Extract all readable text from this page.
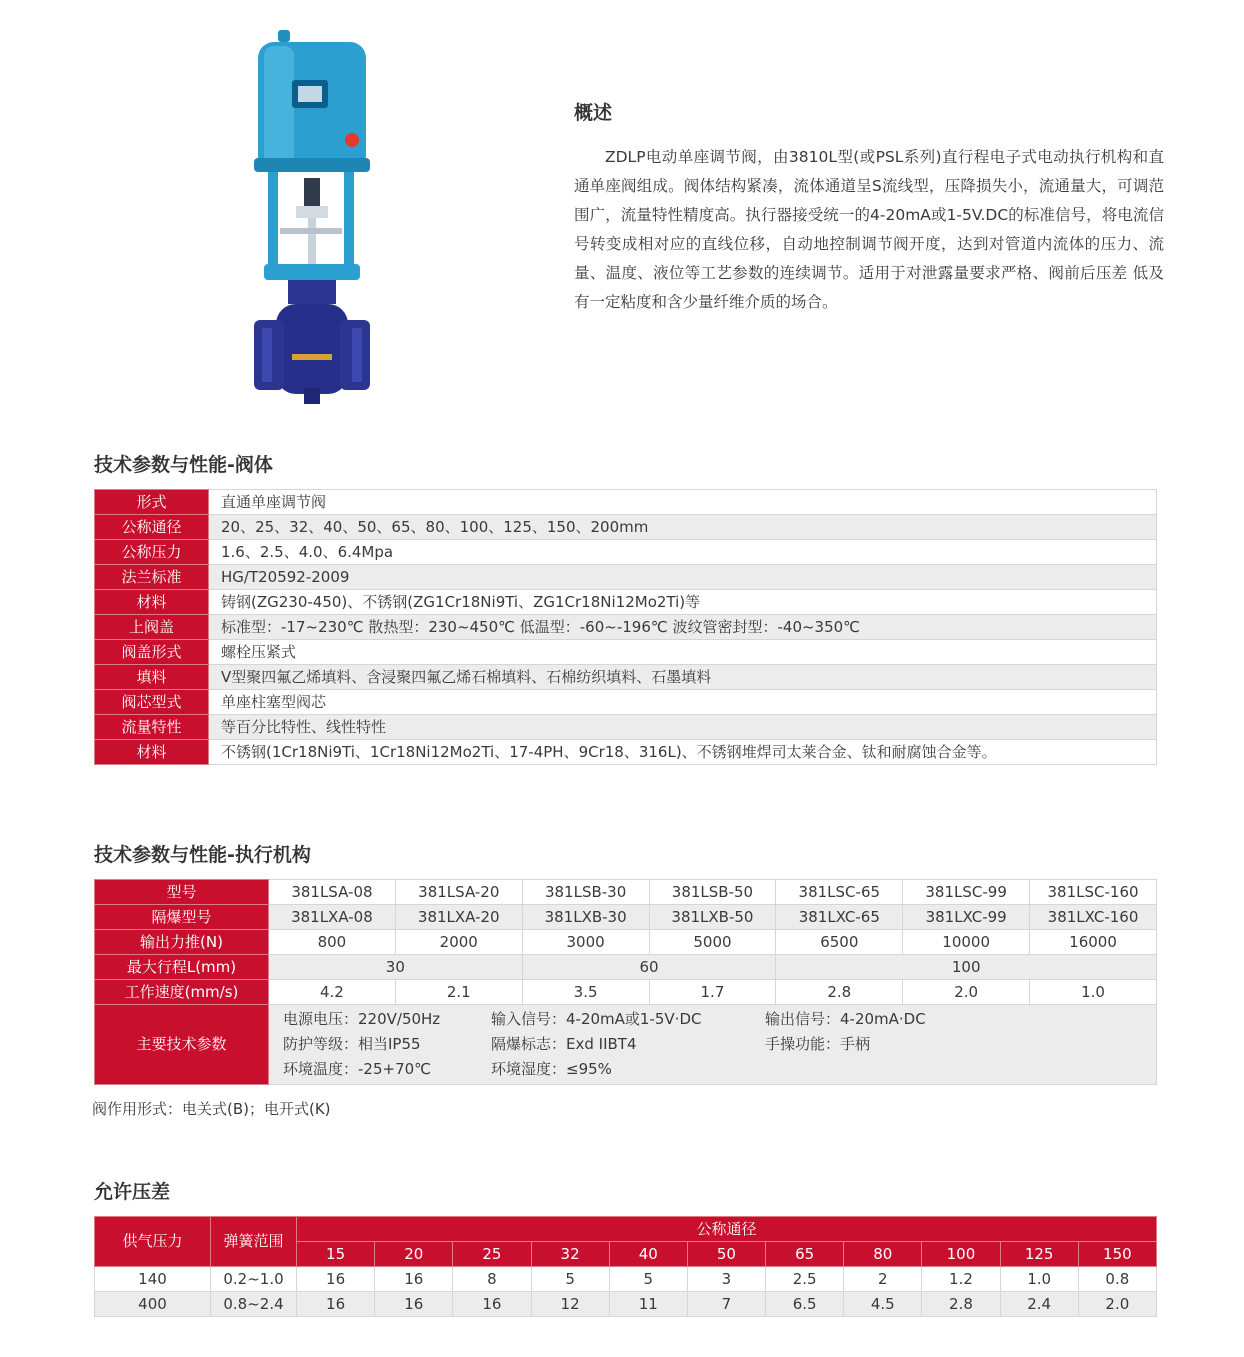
概述

ZDLP电动单座调节阀，由3810L型(或PSL系列)直行程电子式电动执行机构和直通单座阀组成。阀体结构紧凑，流体通道呈S流线型，压降损失小，流通量大，可调范围广，流量特性精度高。执行器接受统一的4-20mA或1-5V.DC的标准信号，将电流信号转变成相对应的直线位移，自动地控制调节阀开度，达到对管道内流体的压力、流量、温度、液位等工艺参数的连续调节。适用于对泄露量要求严格、阀前后压差 低及有一定粘度和含少量纤维介质的场合。

技术参数与性能-阀体
形式	直通单座调节阀
公称通径	20、25、32、40、50、65、80、100、125、150、200mm
公称压力	1.6、2.5、4.0、6.4Mpa
法兰标准	HG/T20592-2009
材料	铸钢(ZG230-450)、不锈钢(ZG1Cr18Ni9Ti、ZG1Cr18Ni12Mo2Ti)等
上阀盖	标准型：-17~230℃ 散热型：230~450℃ 低温型：-60~-196℃ 波纹管密封型：-40~350℃
阀盖形式	螺栓压紧式
填料	V型聚四氟乙烯填料、含浸聚四氟乙烯石棉填料、石棉纺织填料、石墨填料
阀芯型式	单座柱塞型阀芯
流量特性	等百分比特性、线性特性
材料	不锈钢(1Cr18Ni9Ti、1Cr18Ni12Mo2Ti、17-4PH、9Cr18、316L)、不锈钢堆焊司太莱合金、钛和耐腐蚀合金等。
技术参数与性能-执行机构
型号	381LSA-08	381LSA-20	381LSB-30	381LSB-50	381LSC-65	381LSC-99	381LSC-160
隔爆型号	381LXA-08	381LXA-20	381LXB-30	381LXB-50	381LXC-65	381LXC-99	381LXC-160
输出力推(N)	800	2000	3000	5000	6500	10000	16000
最大行程L(mm)	30		60		100		
工作速度(mm/s)	4.2	2.1	3.5	1.7	2.8	2.0	1.0
主要技术参数	电源电压：220V/50Hz 输入信号：4-20mA或1-5V·DC 输出信号：4-20mA·DC
防护等级：相当IP55 隔爆标志：Exd IIBT4 手操功能：手柄
环境温度：-25+70℃ 环境湿度：≤95%						
阀作用形式：电关式(B)；电开式(K)
允许压差
供气压力	弹簧范围	公称通径										
		15	20	25	32	40	50	65	80	100	125	150
140	0.2~1.0	16	16	8	5	5	3	2.5	2	1.2	1.0	0.8
400	0.8~2.4	16	16	16	12	11	7	6.5	4.5	2.8	2.4	2.0
